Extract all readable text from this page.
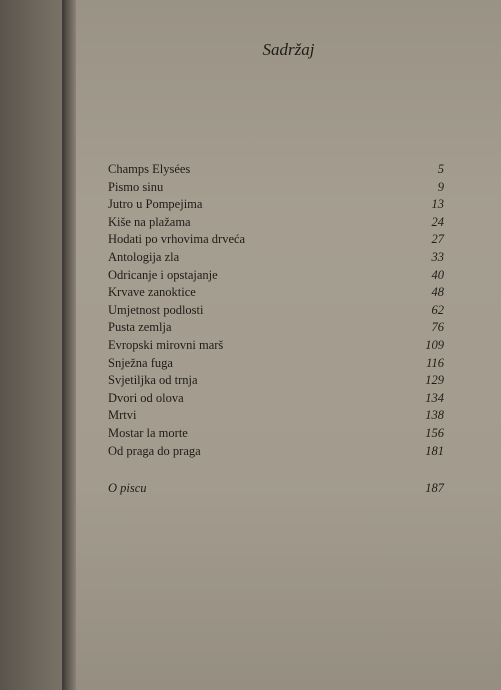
Sadržaj
Champs Elysées	5
Pismo sinu	9
Jutro u Pompejima	13
Kiše na plažama	24
Hodati po vrhovima drveća	27
Antologija zla	33
Odricanje i opstajanje	40
Krvave zanoktice	48
Umjetnost podlosti	62
Pusta zemlja	76
Evropski mirovni marš	109
Snježna fuga	116
Svjetiljka od trnja	129
Dvori od olova	134
Mrtvi	138
Mostar la morte	156
Od praga do praga	181
O piscu	187
